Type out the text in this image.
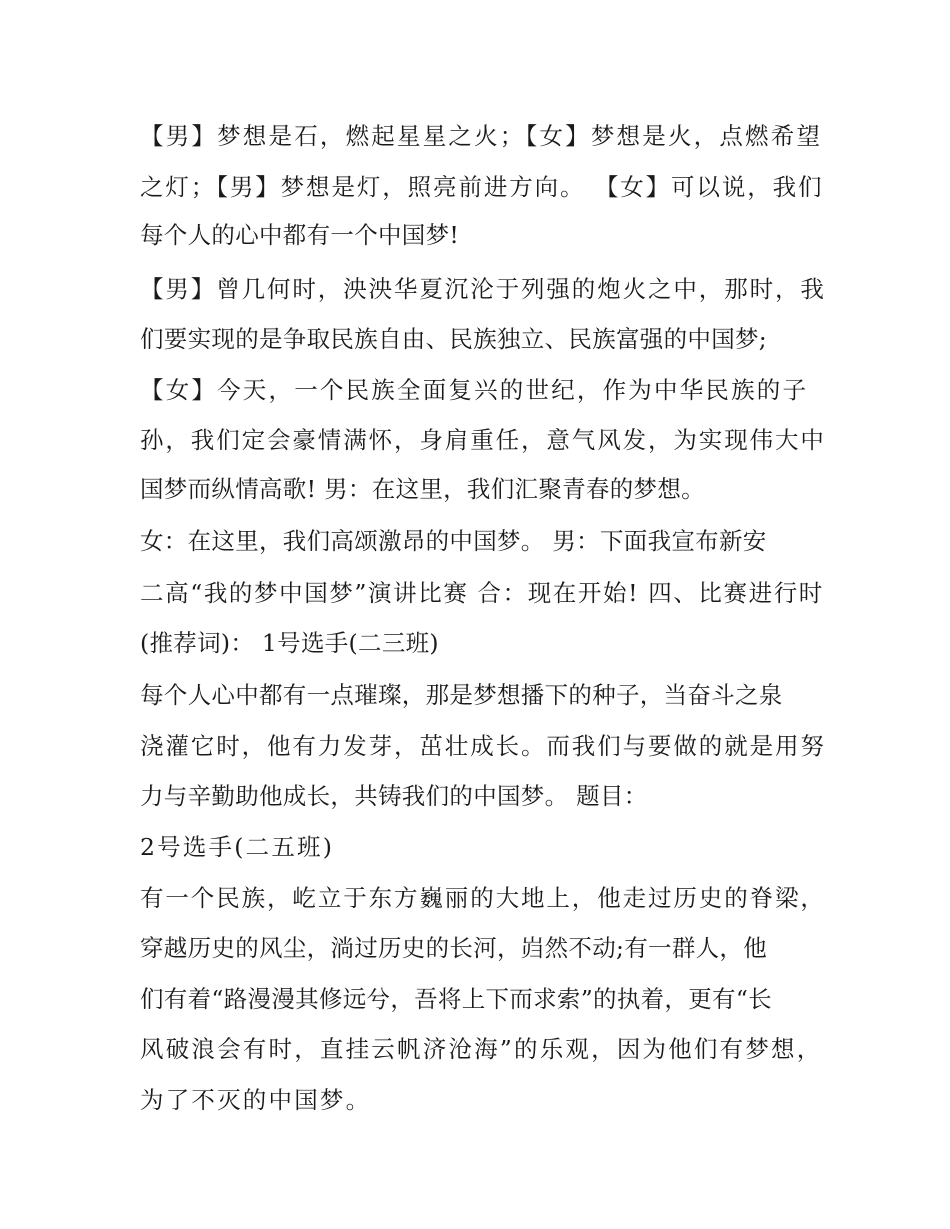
【男】梦想是石，燃起星星之火；【女】梦想是火，点燃希望
之灯；【男】梦想是灯，照亮前进方向。 【女】可以说，我们
每个人的心中都有一个中国梦!
【男】曾几何时，泱泱华夏沉沦于列强的炮火之中，那时，我
们要实现的是争取民族自由、民族独立、民族富强的中国梦;
【女】今天，一个民族全面复兴的世纪，作为中华民族的子
孙，我们定会豪情满怀，身肩重任，意气风发，为实现伟大中
国梦而纵情高歌! 男：在这里，我们汇聚青春的梦想。
女：在这里，我们高颂激昂的中国梦。 男：下面我宣布新安
二高“我的梦中国梦”演讲比赛 合：现在开始! 四、比赛进行时
(推荐词)： 1号选手(二三班)
每个人心中都有一点璀璨，那是梦想播下的种子，当奋斗之泉
浇灌它时，他有力发芽，茁壮成长。而我们与要做的就是用努
力与辛勤助他成长，共铸我们的中国梦。 题目：
2号选手(二五班)
有一个民族，屹立于东方巍丽的大地上，他走过历史的脊梁，
穿越历史的风尘，淌过历史的长河，岿然不动;有一群人，他
们有着“路漫漫其修远兮，吾将上下而求索”的执着，更有“长
风破浪会有时，直挂云帆济沧海”的乐观，因为他们有梦想，
为了不灭的中国梦。
